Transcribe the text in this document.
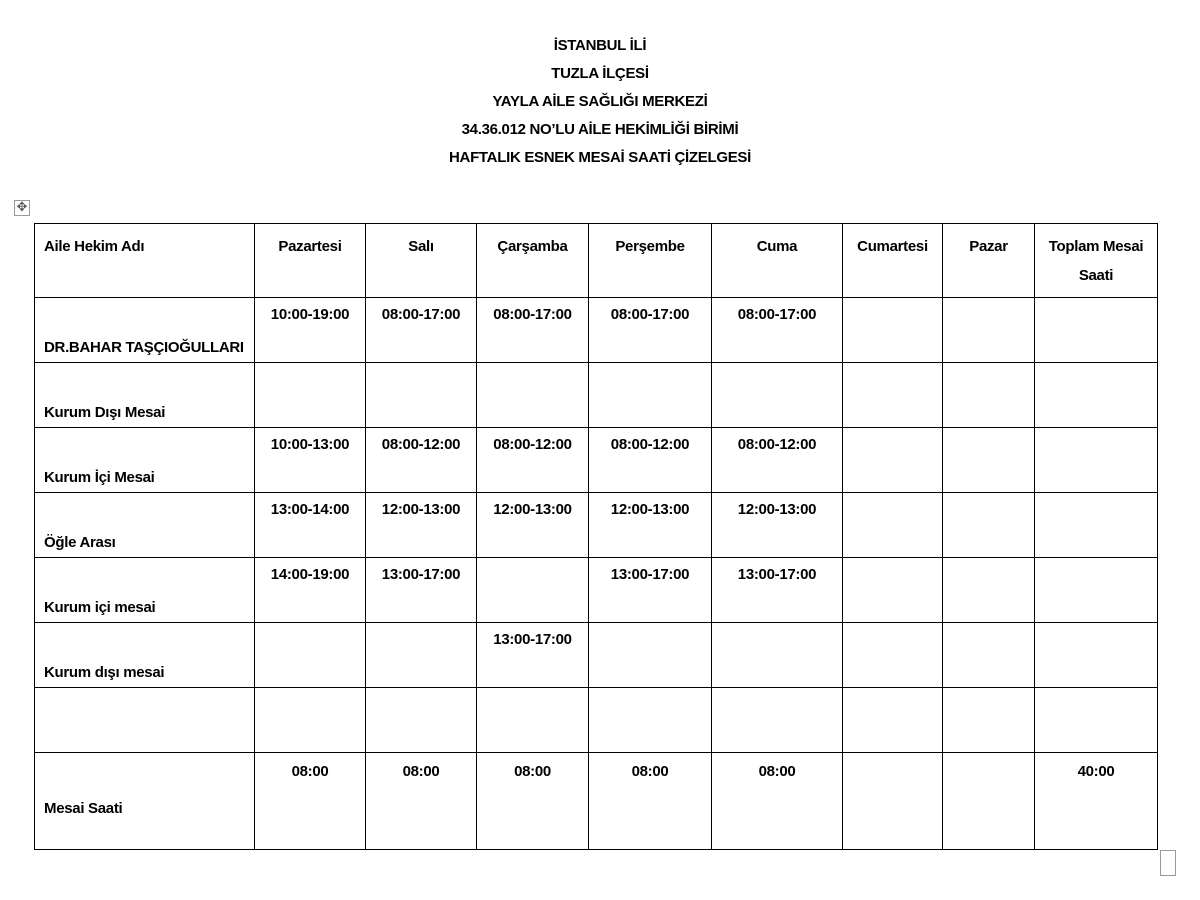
İSTANBUL İLİ
TUZLA İLÇESİ
YAYLA AİLE SAĞLIĞI MERKEZİ
34.36.012 NO’LU AİLE HEKİMLİĞİ BİRİMİ
HAFTALIK ESNEK MESAİ SAATİ ÇİZELGESİ
✥
Aile Hekim Adı	Pazartesi	Salı	Çarşamba	Perşembe	Cuma	Cumartesi	Pazar	Toplam Mesai Saati

DR.BAHAR TAŞÇIOĞULLARI	10:00-19:00	08:00-17:00	08:00-17:00	08:00-17:00	08:00-17:00			

Kurum Dışı Mesai								

Kurum İçi Mesai	10:00-13:00	08:00-12:00	08:00-12:00	08:00-12:00	08:00-12:00			

Öğle Arası	13:00-14:00	12:00-13:00	12:00-13:00	12:00-13:00	12:00-13:00			

Kurum içi mesai	14:00-19:00	13:00-17:00		13:00-17:00	13:00-17:00			

Kurum dışı mesai			13:00-17:00					

Mesai Saati	08:00	08:00	08:00	08:00	08:00			40:00
